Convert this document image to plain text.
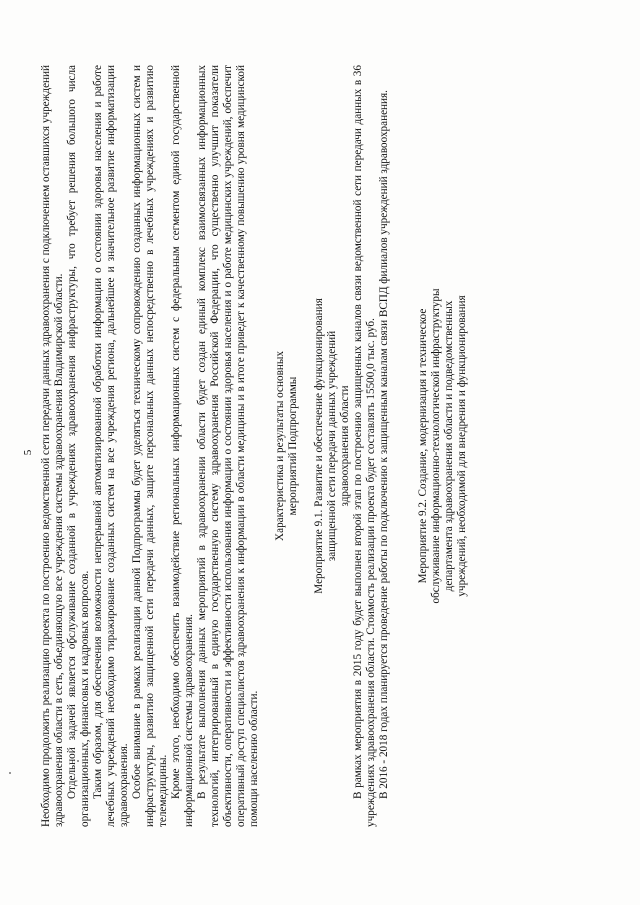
5 Необходимо продолжить реализацию проекта по построению ведомственной сети передачи данных здравоохранения с подключением оставшихся учреждений здравоохранения области в сеть, объединяющую все учреждения системы здравоохранения Владимирской области. Отдельной задачей является обслуживание созданной в учреждениях здравоохранения инфраструктуры, что требует решения большого числа организационных, финансовых и кадровых вопросов. Таким образом, для обеспечения возможности непрерывной автоматизированной обработки информации о состоянии здоровья населения и работе лечебных учреждений необходимо тиражирование созданных систем на все учреждения региона, дальнейшее и значительное развитие информатизации здравоохранения. Особое внимание в рамках реализации данной Подпрограммы будет уделяться техническому сопровождению созданных информационных систем и инфраструктуры, развитию защищенной сети передачи данных, защите персональных данных непосредственно в лечебных учреждениях и развитию телемедицины. Кроме этого, необходимо обеспечить взаимодействие региональных информационных систем с федеральным сегментом единой государственной информационной системы здравоохранения. В результате выполнения данных мероприятий в здравоохранении области будет создан единый комплекс взаимосвязанных информационных технологий, интегрированный в единую государственную систему здравоохранения Российской Федерации, что существенно улучшит показатели объективности, оперативности и эффективности использования информации о состоянии здоровья населения и о работе медицинских учреждений, обеспечит оперативный доступ специалистов здравоохранения к информации в области медицины и в итоге приведет к качественному повышению уровня медицинской помощи населению области.

Характеристика и результаты основных мероприятий Подпрограммы Мероприятие 9.1. Развитие и обеспечение функционирования защищенной сети передачи данных учреждений здравоохранения области В рамках мероприятия в 2015 году будет выполнен второй этап по построению защищенных каналов связи ведомственной сети передачи данных в 36 учреждениях здравоохранения области. Стоимость реализации проекта будет составлять 15500,0 тыс. руб. В 2016 - 2018 годах планируется проведение работы по подключению к защищенным каналам связи ВСПД филиалов учреждений здравоохранения. Мероприятие 9.2. Создание, модернизация и техническое обслуживание информационно-технологической инфраструктуры департамента здравоохранения области и подведомственных учреждений, необходимой для внедрения и функционирования
